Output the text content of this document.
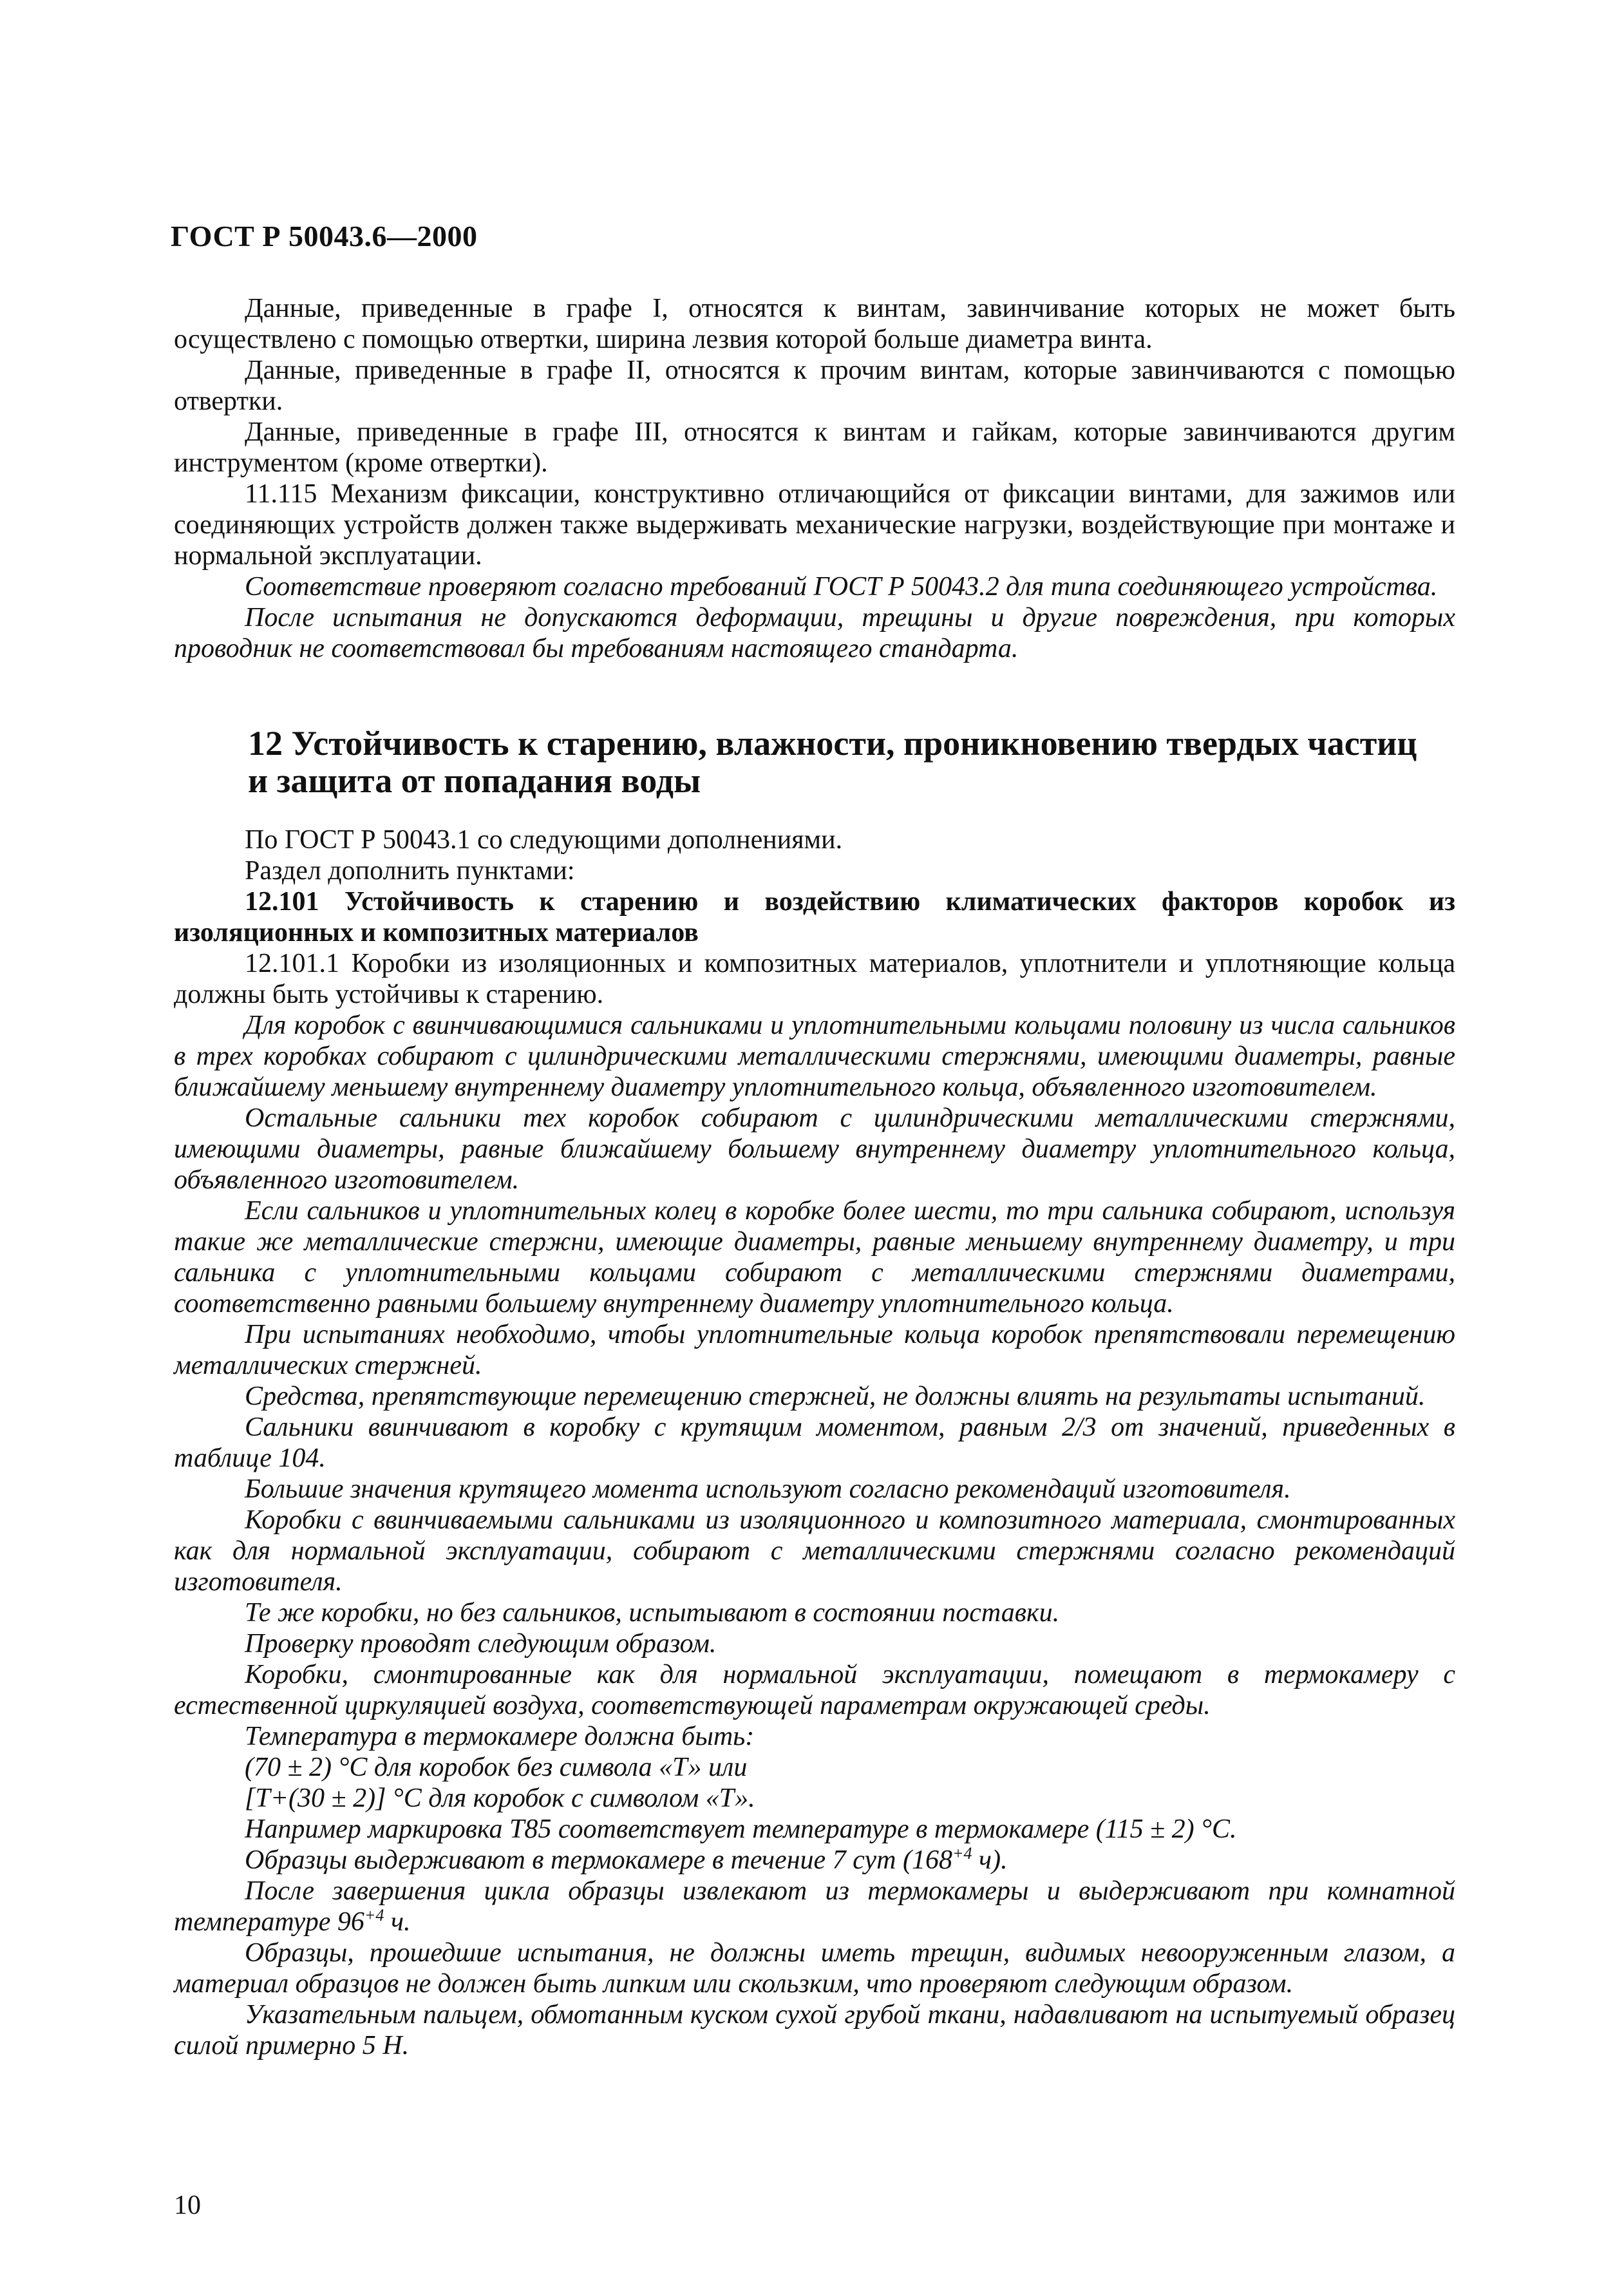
ГОСТ Р 50043.6—2000

Данные, приведенные в графе I, относятся к винтам, завинчивание которых не может быть осуществлено с помощью отвертки, ширина лезвия которой больше диаметра винта.

Данные, приведенные в графе II, относятся к прочим винтам, которые завинчиваются с помощью отвертки.

Данные, приведенные в графе III, относятся к винтам и гайкам, которые завинчиваются другим инструментом (кроме отвертки).

11.115 Механизм фиксации, конструктивно отличающийся от фиксации винтами, для зажимов или соединяющих устройств должен также выдерживать механические нагрузки, воздействующие при монтаже и нормальной эксплуатации.

Соответствие проверяют согласно требований ГОСТ Р 50043.2 для типа соединяющего устройства.

После испытания не допускаются деформации, трещины и другие повреждения, при которых проводник не соответствовал бы требованиям настоящего стандарта.

12 Устойчивость к старению, влажности, проникновению твердых частиц
и защита от попадания воды

По ГОСТ Р 50043.1 со следующими дополнениями.

Раздел дополнить пунктами:

12.101 Устойчивость к старению и воздействию климатических факторов коробок из изоляционных и композитных материалов

12.101.1 Коробки из изоляционных и композитных материалов, уплотнители и уплотняющие кольца должны быть устойчивы к старению.

Для коробок с ввинчивающимися сальниками и уплотнительными кольцами половину из числа сальников в трех коробках собирают с цилиндрическими металлическими стержнями, имеющими диаметры, равные ближайшему меньшему внутреннему диаметру уплотнительного кольца, объявленного изготовителем.

Остальные сальники тех коробок собирают с цилиндрическими металлическими стержнями, имеющими диаметры, равные ближайшему большему внутреннему диаметру уплотнительного кольца, объявленного изготовителем.

Если сальников и уплотнительных колец в коробке более шести, то три сальника собирают, используя такие же металлические стержни, имеющие диаметры, равные меньшему внутреннему диаметру, и три сальника с уплотнительными кольцами собирают с металлическими стержнями диаметрами, соответственно равными большему внутреннему диаметру уплотнительного кольца.

При испытаниях необходимо, чтобы уплотнительные кольца коробок препятствовали перемещению металлических стержней.

Средства, препятствующие перемещению стержней, не должны влиять на результаты испытаний.

Сальники ввинчивают в коробку с крутящим моментом, равным 2/3 от значений, приведенных в таблице 104.

Большие значения крутящего момента используют согласно рекомендаций изготовителя.

Коробки с ввинчиваемыми сальниками из изоляционного и композитного материала, смонтированных как для нормальной эксплуатации, собирают с металлическими стержнями согласно рекомендаций изготовителя.

Те же коробки, но без сальников, испытывают в состоянии поставки.

Проверку проводят следующим образом.

Коробки, смонтированные как для нормальной эксплуатации, помещают в термокамеру с естественной циркуляцией воздуха, соответствующей параметрам окружающей среды.

Температура в термокамере должна быть:

(70 ± 2) °С для коробок без символа «Т» или

[Т+(30 ± 2)] °С для коробок с символом «Т».

Например маркировка Т85 соответствует температуре в термокамере (115 ± 2) °С.

Образцы выдерживают в термокамере в течение 7 сут ($168^{+4}$ ч).

После завершения цикла образцы извлекают из термокамеры и выдерживают при комнатной температуре $96^{+4}$ ч.

Образцы, прошедшие испытания, не должны иметь трещин, видимых невооруженным глазом, а материал образцов не должен быть липким или скользким, что проверяют следующим образом.

Указательным пальцем, обмотанным куском сухой грубой ткани, надавливают на испытуемый образец силой примерно 5 Н.

10
